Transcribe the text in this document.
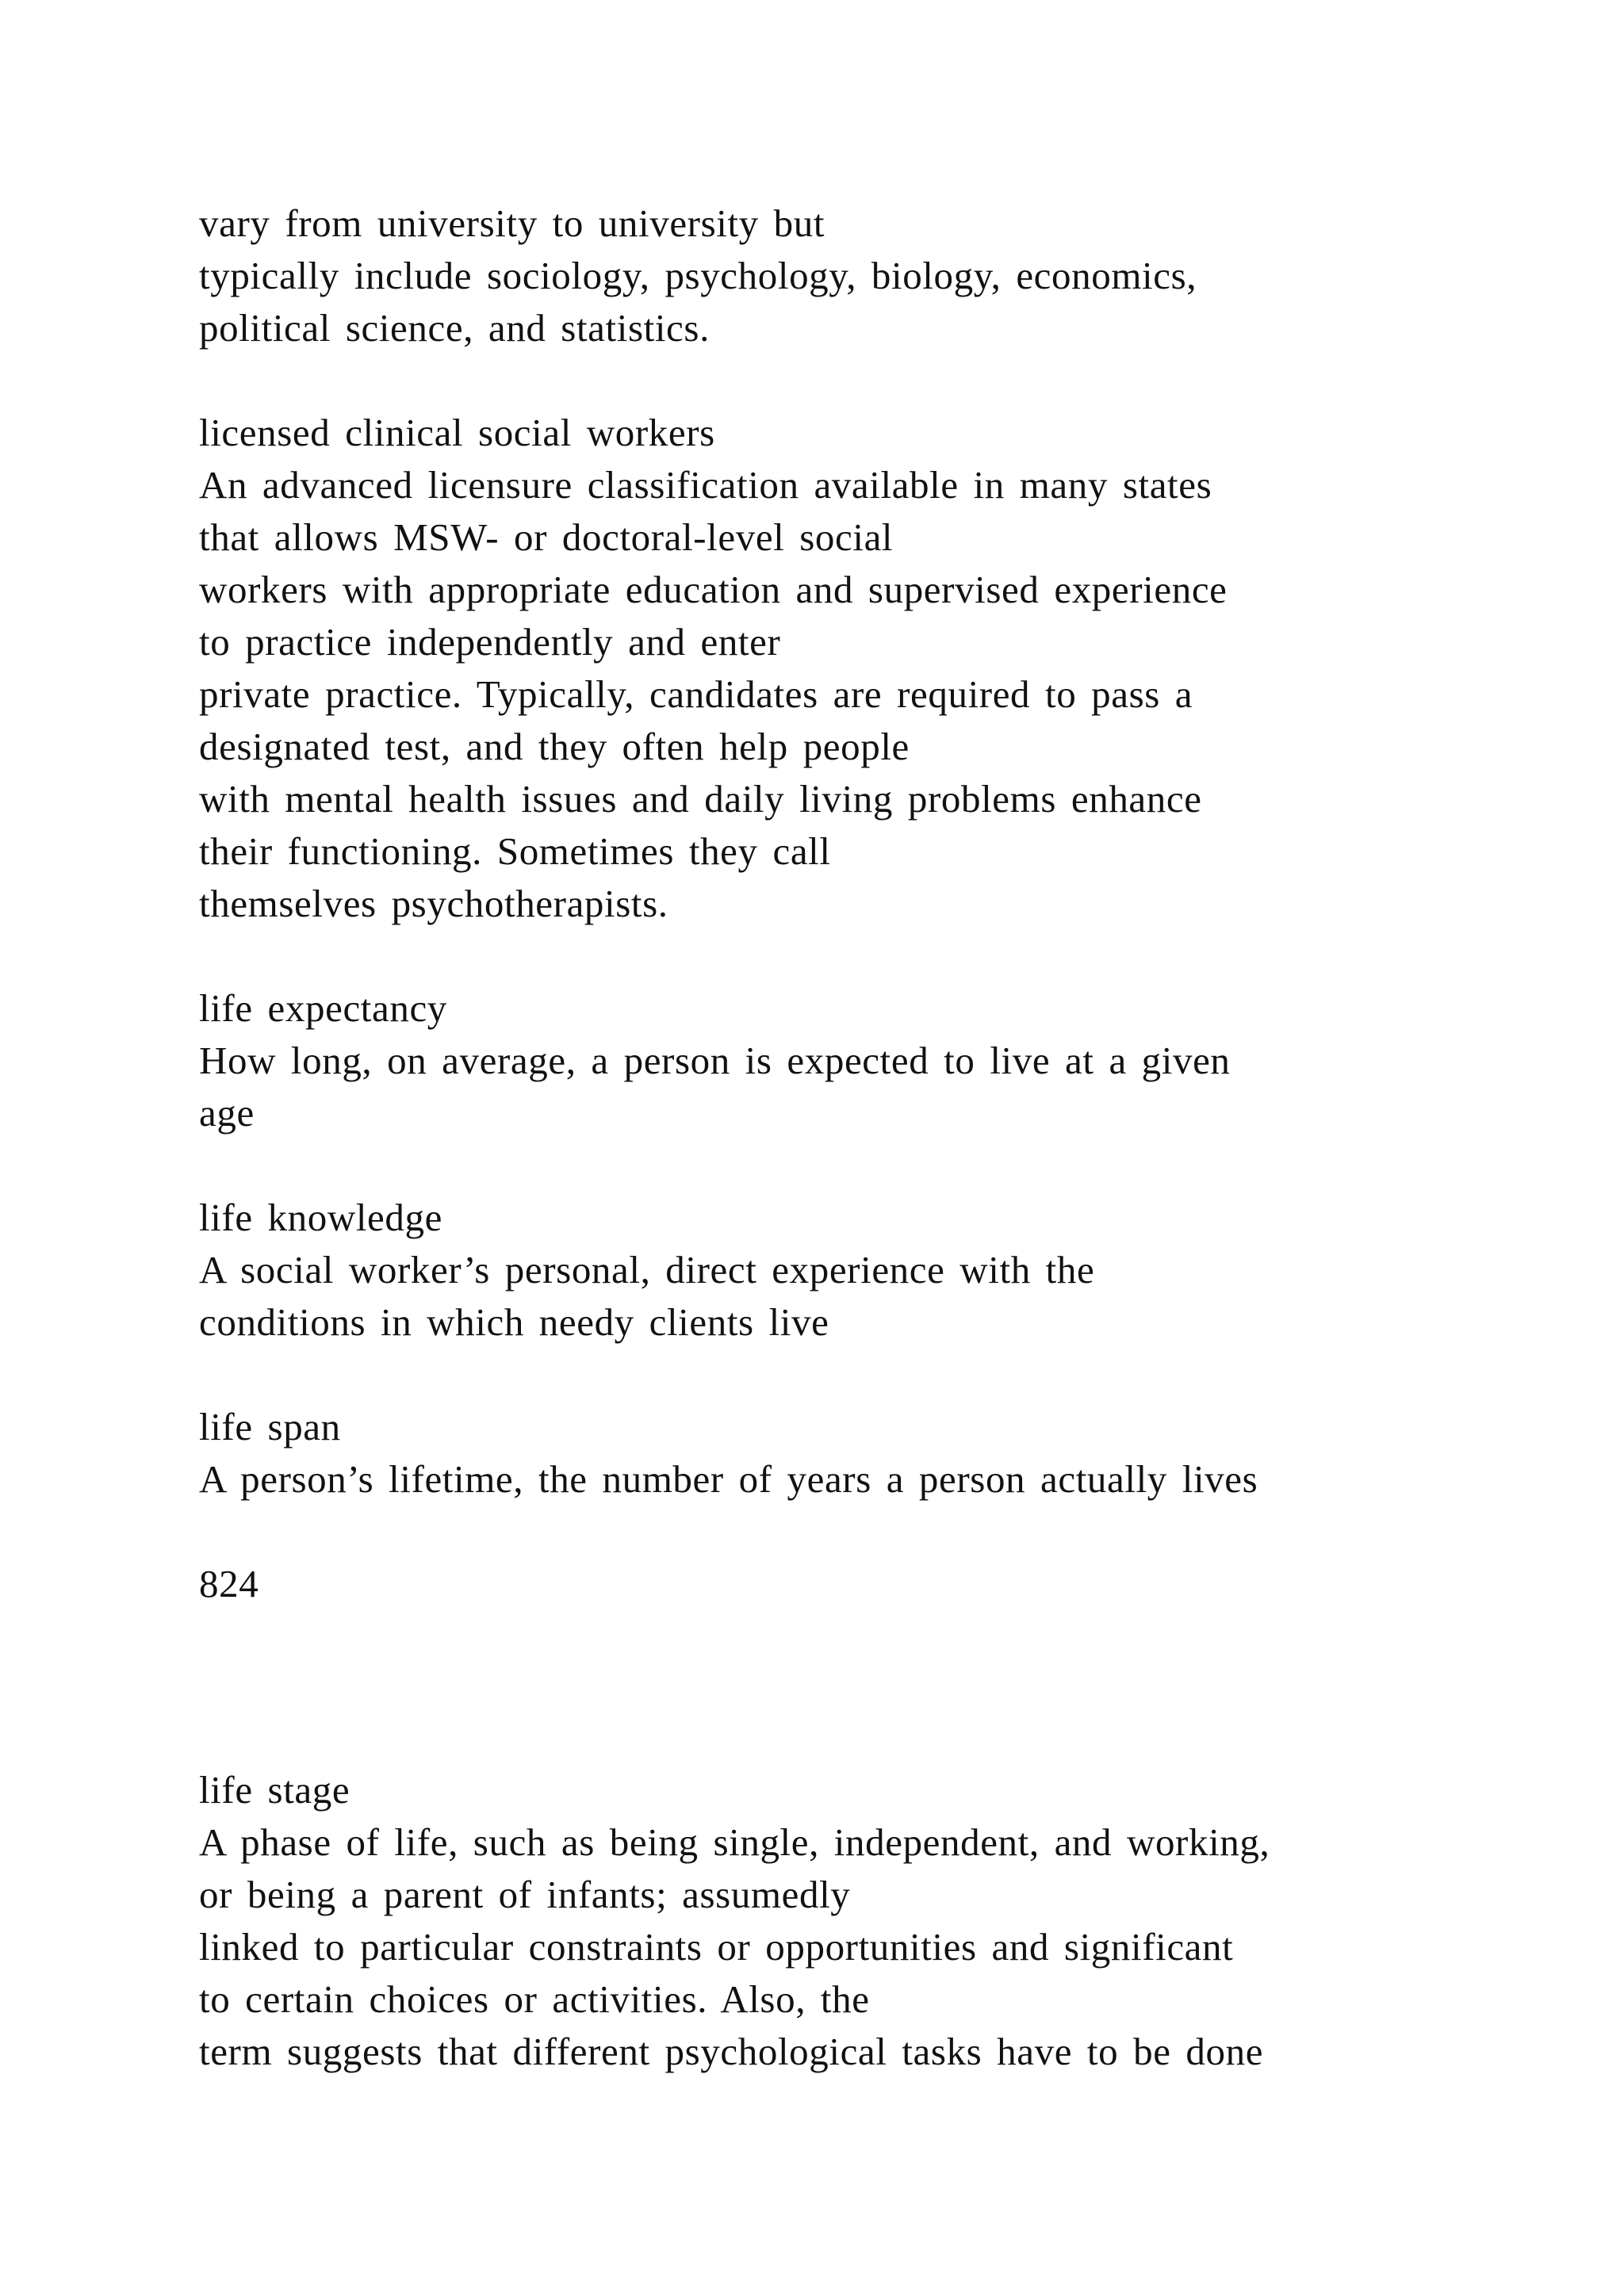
vary from university to university but
typically include sociology, psychology, biology, economics,
political science, and statistics.
licensed clinical social workers
An advanced licensure classification available in many states
that allows MSW- or doctoral-level social
workers with appropriate education and supervised experience
to practice independently and enter
private practice. Typically, candidates are required to pass a
designated test, and they often help people
with mental health issues and daily living problems enhance
their functioning. Sometimes they call
themselves psychotherapists.
life expectancy
How long, on average, a person is expected to live at a given
age
life knowledge
A social worker’s personal, direct experience with the
conditions in which needy clients live
life span
A person’s lifetime, the number of years a person actually lives
824
life stage
A phase of life, such as being single, independent, and working,
or being a parent of infants; assumedly
linked to particular constraints or opportunities and significant
to certain choices or activities. Also, the
term suggests that different psychological tasks have to be done
